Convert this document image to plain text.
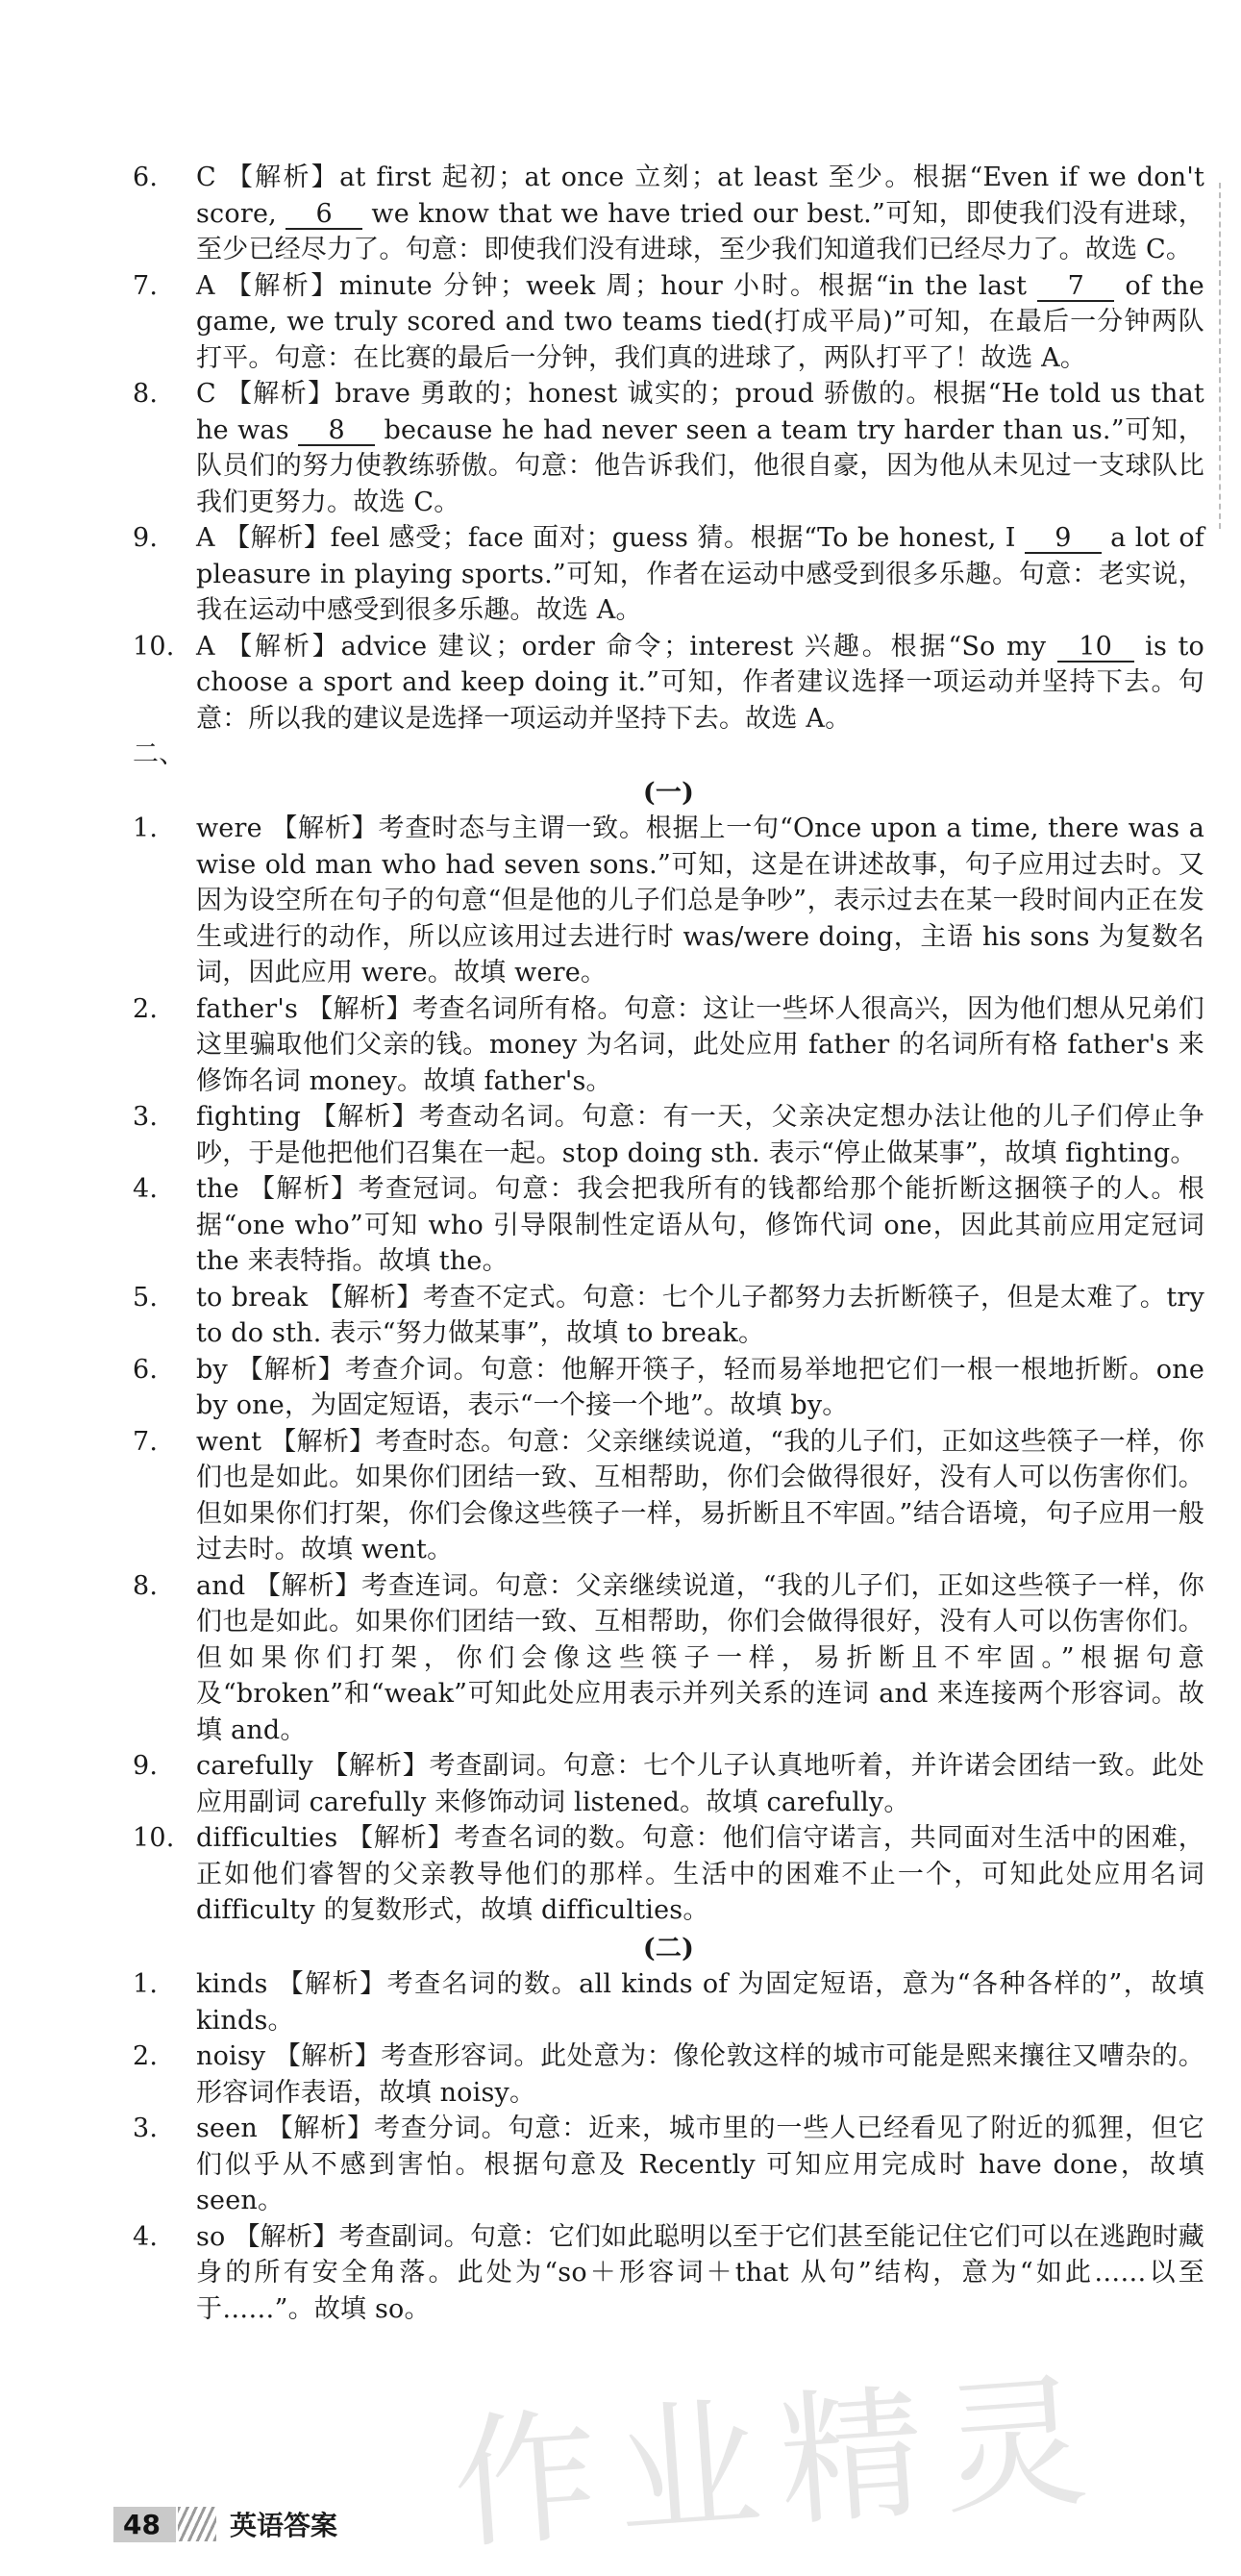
6.	C 【解析】at first 起初；at once 立刻；at least 至少。根据“Even if we don't score, 6 we know that we have tried our best.”可知，即使我们没有进球，至少已经尽力了。句意：即使我们没有进球，至少我们知道我们已经尽力了。故选 C。
7.	A 【解析】minute 分钟；week 周；hour 小时。根据“in the last 7 of the game, we truly scored and two teams tied(打成平局)”可知，在最后一分钟两队打平。句意：在比赛的最后一分钟，我们真的进球了，两队打平了！故选 A。
8.	C 【解析】brave 勇敢的；honest 诚实的；proud 骄傲的。根据“He told us that he was 8 because he had never seen a team try harder than us.”可知，队员们的努力使教练骄傲。句意：他告诉我们，他很自豪，因为他从未见过一支球队比我们更努力。故选 C。
9.	A 【解析】feel 感受；face 面对；guess 猜。根据“To be honest, I 9 a lot of pleasure in playing sports.”可知，作者在运动中感受到很多乐趣。句意：老实说，我在运动中感受到很多乐趣。故选 A。
10. A 【解析】advice 建议；order 命令；interest 兴趣。根据“So my 10 is to choose a sport and keep doing it.”可知，作者建议选择一项运动并坚持下去。句意：所以我的建议是选择一项运动并坚持下去。故选 A。
二、
(一)
1.	were 【解析】考查时态与主谓一致。根据上一句“Once upon a time, there was a wise old man who had seven sons.”可知，这是在讲述故事，句子应用过去时。又因为设空所在句子的句意“但是他的儿子们总是争吵”，表示过去在某一段时间内正在发生或进行的动作，所以应该用过去进行时 was/were doing，主语 his sons 为复数名词，因此应用 were。故填 were。
2.	father's 【解析】考查名词所有格。句意：这让一些坏人很高兴，因为他们想从兄弟们这里骗取他们父亲的钱。money 为名词，此处应用 father 的名词所有格 father's 来修饰名词 money。故填 father's。
3.	fighting 【解析】考查动名词。句意：有一天，父亲决定想办法让他的儿子们停止争吵，于是他把他们召集在一起。stop doing sth. 表示“停止做某事”，故填 fighting。
4.	the 【解析】考查冠词。句意：我会把我所有的钱都给那个能折断这捆筷子的人。根据“one who”可知 who 引导限制性定语从句，修饰代词 one，因此其前应用定冠词 the 来表特指。故填 the。
5.	to break 【解析】考查不定式。句意：七个儿子都努力去折断筷子，但是太难了。try to do sth. 表示“努力做某事”，故填 to break。
6.	by 【解析】考查介词。句意：他解开筷子，轻而易举地把它们一根一根地折断。one by one，为固定短语，表示“一个接一个地”。故填 by。
7.	went 【解析】考查时态。句意：父亲继续说道，“我的儿子们，正如这些筷子一样，你们也是如此。如果你们团结一致、互相帮助，你们会做得很好，没有人可以伤害你们。但如果你们打架，你们会像这些筷子一样，易折断且不牢固。”结合语境，句子应用一般过去时。故填 went。
8.	and 【解析】考查连词。句意：父亲继续说道，“我的儿子们，正如这些筷子一样，你们也是如此。如果你们团结一致、互相帮助，你们会做得很好，没有人可以伤害你们。但如果你们打架，你们会像这些筷子一样，易折断且不牢固。”根据句意及“broken”和“weak”可知此处应用表示并列关系的连词 and 来连接两个形容词。故填 and。
9.	carefully 【解析】考查副词。句意：七个儿子认真地听着，并许诺会团结一致。此处应用副词 carefully 来修饰动词 listened。故填 carefully。
10. difficulties 【解析】考查名词的数。句意：他们信守诺言，共同面对生活中的困难，正如他们睿智的父亲教导他们的那样。生活中的困难不止一个，可知此处应用名词 difficulty 的复数形式，故填 difficulties。
(二)
1.	kinds 【解析】考查名词的数。all kinds of 为固定短语，意为“各种各样的”，故填 kinds。
2.	noisy 【解析】考查形容词。此处意为：像伦敦这样的城市可能是熙来攘往又嘈杂的。形容词作表语，故填 noisy。
3.	seen 【解析】考查分词。句意：近来，城市里的一些人已经看见了附近的狐狸，但它们似乎从不感到害怕。根据句意及 Recently 可知应用完成时 have done，故填 seen。
4.	so 【解析】考查副词。句意：它们如此聪明以至于它们甚至能记住它们可以在逃跑时藏身的所有安全角落。此处为“so＋形容词＋that 从句”结构，意为“如此……以至于……”。故填 so。
作业精灵
48	英语答案
